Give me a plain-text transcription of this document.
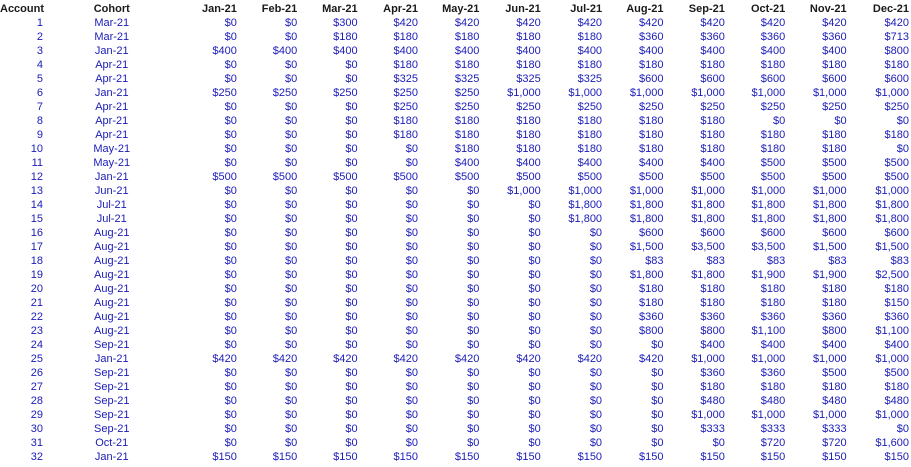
Account	Cohort	Jan-21	Feb-21	Mar-21	Apr-21	May-21	Jun-21	Jul-21	Aug-21	Sep-21	Oct-21	Nov-21	Dec-21
1	Mar-21	$0	$0	$300	$420	$420	$420	$420	$420	$420	$420	$420	$420
2	Mar-21	$0	$0	$180	$180	$180	$180	$180	$360	$360	$360	$360	$713
3	Jan-21	$400	$400	$400	$400	$400	$400	$400	$400	$400	$400	$400	$800
4	Apr-21	$0	$0	$0	$180	$180	$180	$180	$180	$180	$180	$180	$180
5	Apr-21	$0	$0	$0	$325	$325	$325	$325	$600	$600	$600	$600	$600
6	Jan-21	$250	$250	$250	$250	$250	$1,000	$1,000	$1,000	$1,000	$1,000	$1,000	$1,000
7	Apr-21	$0	$0	$0	$250	$250	$250	$250	$250	$250	$250	$250	$250
8	Apr-21	$0	$0	$0	$180	$180	$180	$180	$180	$180	$0	$0	$0
9	Apr-21	$0	$0	$0	$180	$180	$180	$180	$180	$180	$180	$180	$180
10	May-21	$0	$0	$0	$0	$180	$180	$180	$180	$180	$180	$180	$0
11	May-21	$0	$0	$0	$0	$400	$400	$400	$400	$400	$500	$500	$500
12	Jan-21	$500	$500	$500	$500	$500	$500	$500	$500	$500	$500	$500	$500
13	Jun-21	$0	$0	$0	$0	$0	$1,000	$1,000	$1,000	$1,000	$1,000	$1,000	$1,000
14	Jul-21	$0	$0	$0	$0	$0	$0	$1,800	$1,800	$1,800	$1,800	$1,800	$1,800
15	Jul-21	$0	$0	$0	$0	$0	$0	$1,800	$1,800	$1,800	$1,800	$1,800	$1,800
16	Aug-21	$0	$0	$0	$0	$0	$0	$0	$600	$600	$600	$600	$600
17	Aug-21	$0	$0	$0	$0	$0	$0	$0	$1,500	$3,500	$3,500	$1,500	$1,500
18	Aug-21	$0	$0	$0	$0	$0	$0	$0	$83	$83	$83	$83	$83
19	Aug-21	$0	$0	$0	$0	$0	$0	$0	$1,800	$1,800	$1,900	$1,900	$2,500
20	Aug-21	$0	$0	$0	$0	$0	$0	$0	$180	$180	$180	$180	$180
21	Aug-21	$0	$0	$0	$0	$0	$0	$0	$180	$180	$180	$180	$150
22	Aug-21	$0	$0	$0	$0	$0	$0	$0	$360	$360	$360	$360	$360
23	Aug-21	$0	$0	$0	$0	$0	$0	$0	$800	$800	$1,100	$800	$1,100
24	Sep-21	$0	$0	$0	$0	$0	$0	$0	$0	$400	$400	$400	$400
25	Jan-21	$420	$420	$420	$420	$420	$420	$420	$420	$1,000	$1,000	$1,000	$1,000
26	Sep-21	$0	$0	$0	$0	$0	$0	$0	$0	$360	$360	$500	$500
27	Sep-21	$0	$0	$0	$0	$0	$0	$0	$0	$180	$180	$180	$180
28	Sep-21	$0	$0	$0	$0	$0	$0	$0	$0	$480	$480	$480	$480
29	Sep-21	$0	$0	$0	$0	$0	$0	$0	$0	$1,000	$1,000	$1,000	$1,000
30	Sep-21	$0	$0	$0	$0	$0	$0	$0	$0	$333	$333	$333	$0
31	Oct-21	$0	$0	$0	$0	$0	$0	$0	$0	$0	$720	$720	$1,600
32	Jan-21	$150	$150	$150	$150	$150	$150	$150	$150	$150	$150	$150	$150
